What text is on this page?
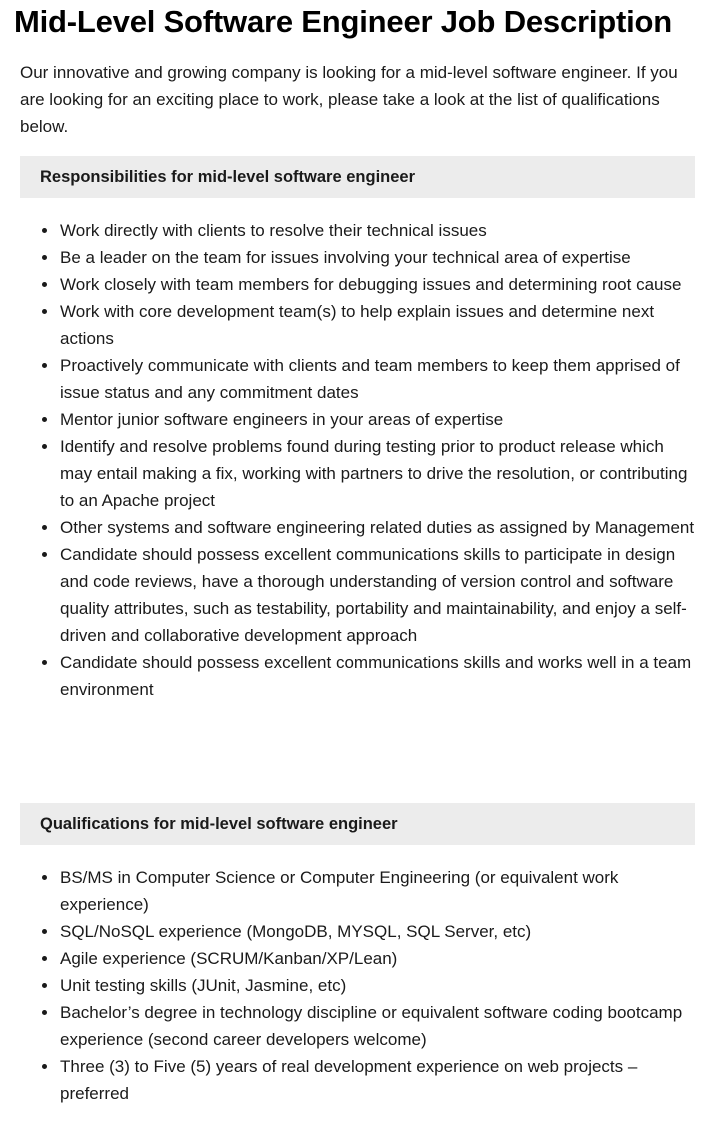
Mid-Level Software Engineer Job Description

Our innovative and growing company is looking for a mid-level software engineer. If you are looking for an exciting place to work, please take a look at the list of qualifications below.

Responsibilities for mid-level software engineer
Work directly with clients to resolve their technical issues
Be a leader on the team for issues involving your technical area of expertise
Work closely with team members for debugging issues and determining root cause
Work with core development team(s) to help explain issues and determine next actions
Proactively communicate with clients and team members to keep them apprised of issue status and any commitment dates
Mentor junior software engineers in your areas of expertise
Identify and resolve problems found during testing prior to product release which may entail making a fix, working with partners to drive the resolution, or contributing to an Apache project
Other systems and software engineering related duties as assigned by Management
Candidate should possess excellent communications skills to participate in design and code reviews, have a thorough understanding of version control and software quality attributes, such as testability, portability and maintainability, and enjoy a self-driven and collaborative development approach
Candidate should possess excellent communications skills and works well in a team environment
Qualifications for mid-level software engineer
BS/MS in Computer Science or Computer Engineering (or equivalent work experience)
SQL/NoSQL experience (MongoDB, MYSQL, SQL Server, etc)
Agile experience (SCRUM/Kanban/XP/Lean)
Unit testing skills (JUnit, Jasmine, etc)
Bachelor’s degree in technology discipline or equivalent software coding bootcamp experience (second career developers welcome)
Three (3) to Five (5) years of real development experience on web projects – preferred
